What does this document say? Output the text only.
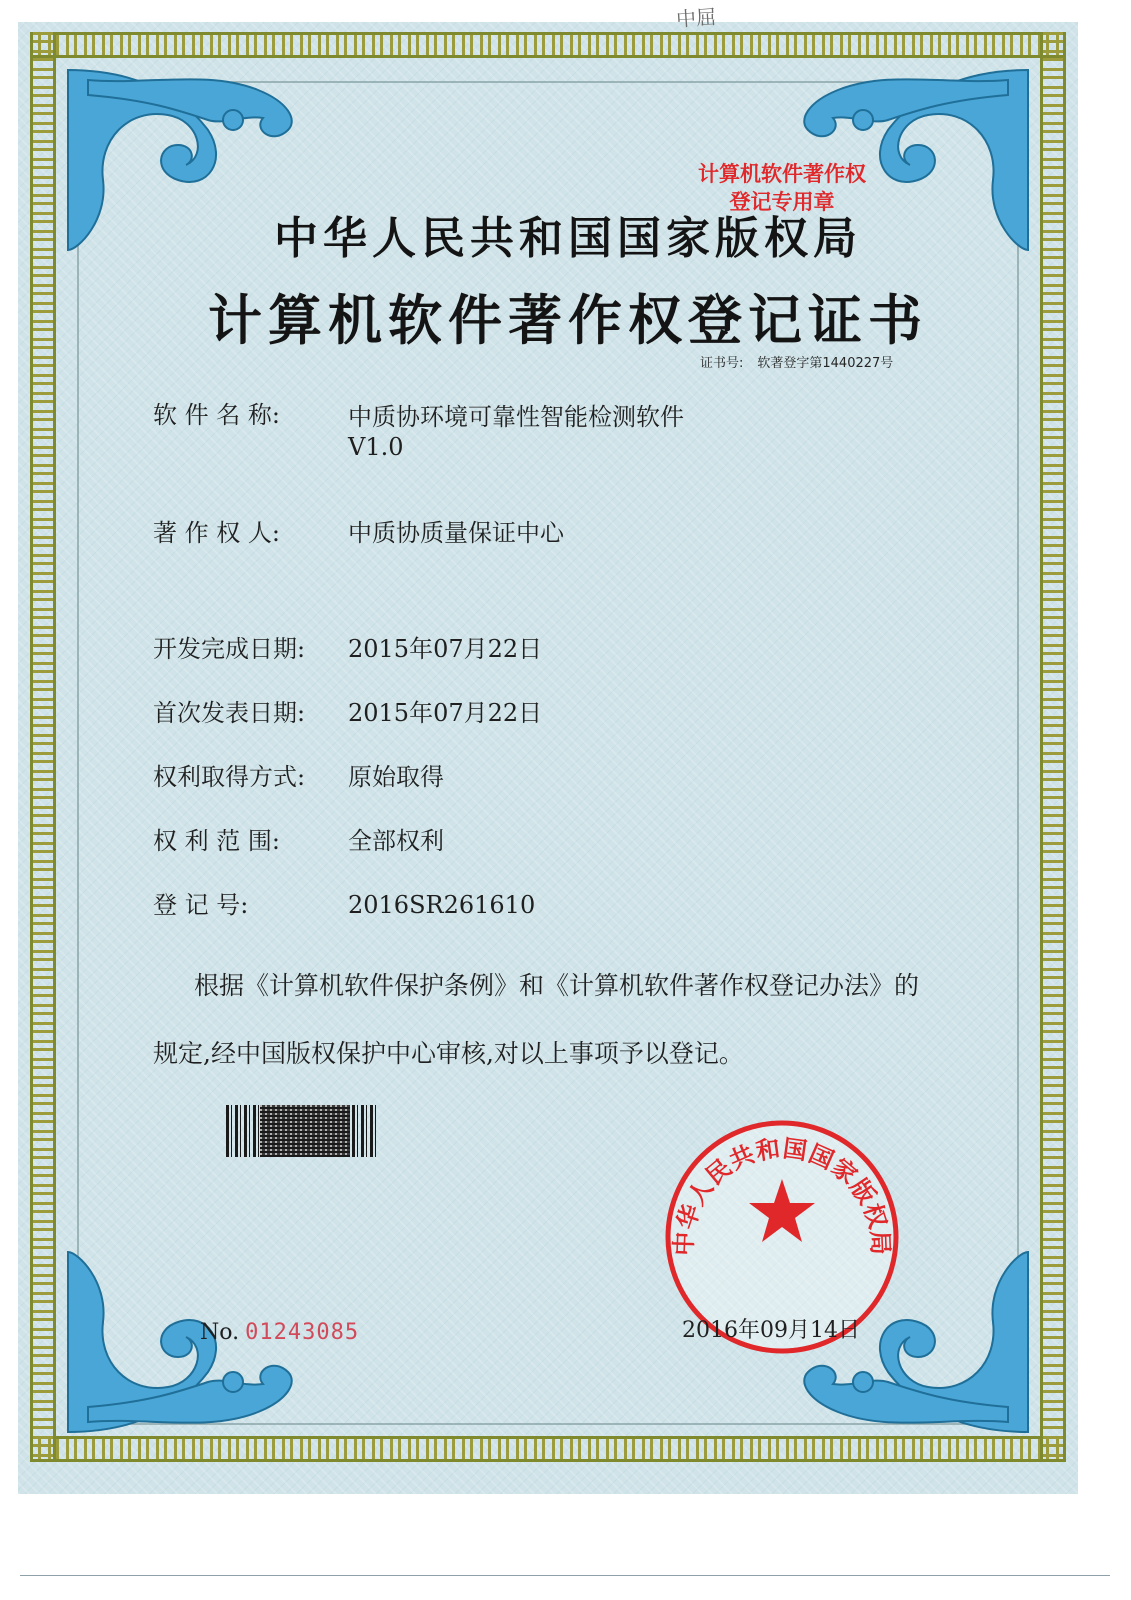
中华人民共和国国家版权局
计算机软件著作权登记证书
证书号: 软著登字第1440227号
软 件 名 称:	中质协环境可靠性智能检测软件
V1.0
著 作 权 人:	中质协质量保证中心
开发完成日期: 2015年07月22日
首次发表日期: 2015年07月22日
权利取得方式: 原始取得
权 利 范 围:	全部权利
登 记 号:	2016SR261610
根据《计算机软件保护条例》和《计算机软件著作权登记办法》的
规定,经中国版权保护中心审核,对以上事项予以登记。
中华人民共和国国家版权局
计算机软件著作权
登记专用章
No. 01243085	2016年09月14日
中屈
